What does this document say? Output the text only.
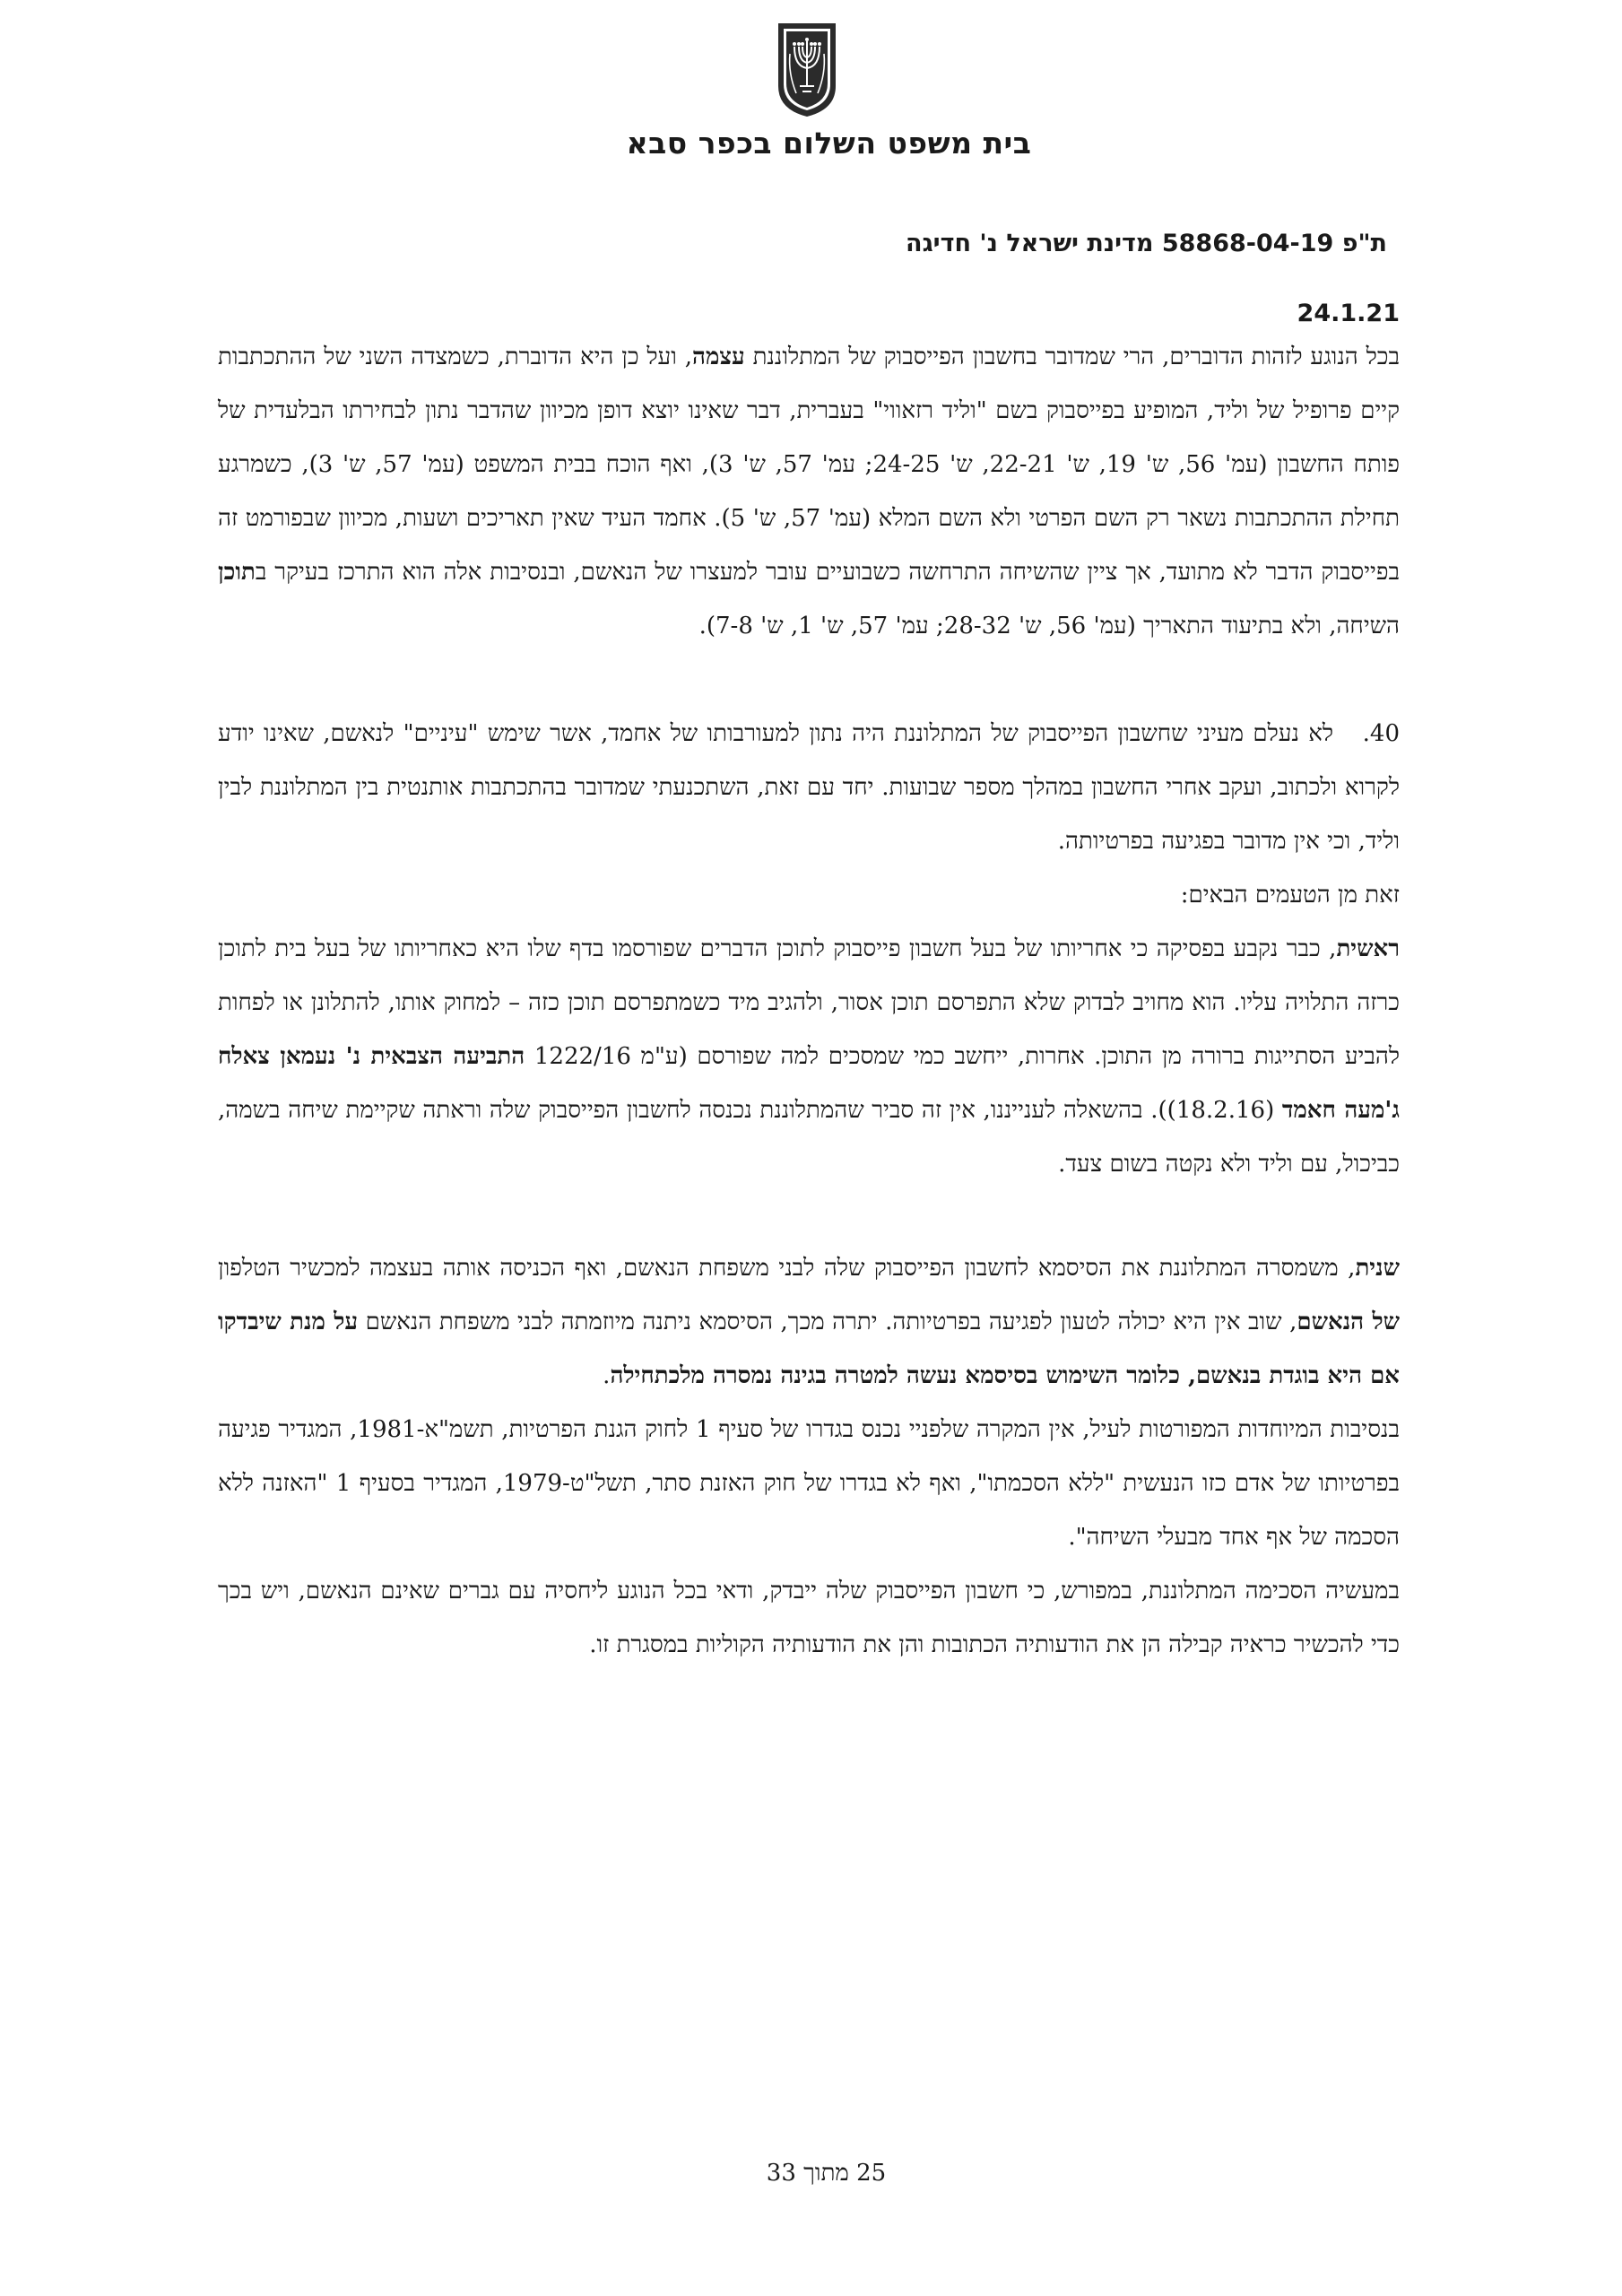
בית משפט השלום בכפר סבא
ת"פ 58868-04-19 מדינת ישראל נ' חדיגה
24.1.21

בכל הנוגע לזהות הדוברים, הרי שמדובר בחשבון הפייסבוק של המתלוננת עצמה, ועל כן היא הדוברת, כשמצדה השני של ההתכתבות קיים פרופיל של וליד, המופיע בפייסבוק בשם "וליד רזאווי" בעברית, דבר שאינו יוצא דופן מכיוון שהדבר נתון לבחירתו הבלעדית של פותח החשבון (עמ' 56, ש' 19, ש' 22-21, ש' 24-25; עמ' 57, ש' 3), ואף הוכח בבית המשפט (עמ' 57, ש' 3), כשמרגע תחילת ההתכתבות נשאר רק השם הפרטי ולא השם המלא (עמ' 57, ש' 5). אחמד העיד שאין תאריכים ושעות, מכיוון שבפורמט זה בפייסבוק הדבר לא מתועד, אך ציין שהשיחה התרחשה כשבועיים עובר למעצרו של הנאשם, ובנסיבות אלה הוא התרכז בעיקר בתוכן השיחה, ולא בתיעוד התאריך (עמ' 56, ש' 28-32; עמ' 57, ש' 1, ש' 7-8).

40.לא נעלם מעיני שחשבון הפייסבוק של המתלוננת היה נתון למעורבותו של אחמד, אשר שימש "עיניים" לנאשם, שאינו יודע לקרוא ולכתוב, ועקב אחרי החשבון במהלך מספר שבועות. יחד עם זאת, השתכנעתי שמדובר בהתכתבות אותנטית בין המתלוננת לבין וליד, וכי אין מדובר בפגיעה בפרטיותה.

זאת מן הטעמים הבאים:

ראשית, כבר נקבע בפסיקה כי אחריותו של בעל חשבון פייסבוק לתוכן הדברים שפורסמו בדף שלו היא כאחריותו של בעל בית לתוכן כרזה התלויה עליו. הוא מחויב לבדוק שלא התפרסם תוכן אסור, ולהגיב מיד כשמתפרסם תוכן כזה – למחוק אותו, להתלונן או לפחות להביע הסתייגות ברורה מן התוכן. אחרות, ייחשב כמי שמסכים למה שפורסם (ע"מ 1222/16 התביעה הצבאית נ' נעמאן צאלח ג'מעה חאמד (18.2.16)). בהשאלה לענייננו, אין זה סביר שהמתלוננת נכנסה לחשבון הפייסבוק שלה וראתה שקיימת שיחה בשמה, כביכול, עם וליד ולא נקטה בשום צעד.

שנית, משמסרה המתלוננת את הסיסמא לחשבון הפייסבוק שלה לבני משפחת הנאשם, ואף הכניסה אותה בעצמה למכשיר הטלפון של הנאשם, שוב אין היא יכולה לטעון לפגיעה בפרטיותה. יתרה מכך, הסיסמא ניתנה מיוזמתה לבני משפחת הנאשם על מנת שיבדקו אם היא בוגדת בנאשם, כלומר השימוש בסיסמא נעשה למטרה בגינה נמסרה מלכתחילה.

בנסיבות המיוחדות המפורטות לעיל, אין המקרה שלפניי נכנס בגדרו של סעיף 1 לחוק הגנת הפרטיות, תשמ"א-1981, המגדיר פגיעה בפרטיותו של אדם כזו הנעשית "ללא הסכמתו", ואף לא בגדרו של חוק האזנת סתר, תשל"ט-1979, המגדיר בסעיף 1 "האזנה ללא הסכמה של אף אחד מבעלי השיחה".

במעשיה הסכימה המתלוננת, במפורש, כי חשבון הפייסבוק שלה ייבדק, ודאי בכל הנוגע ליחסיה עם גברים שאינם הנאשם, ויש בכך כדי להכשיר כראיה קבילה הן את הודעותיה הכתובות והן את הודעותיה הקוליות במסגרת זו.

25 מתוך 33
